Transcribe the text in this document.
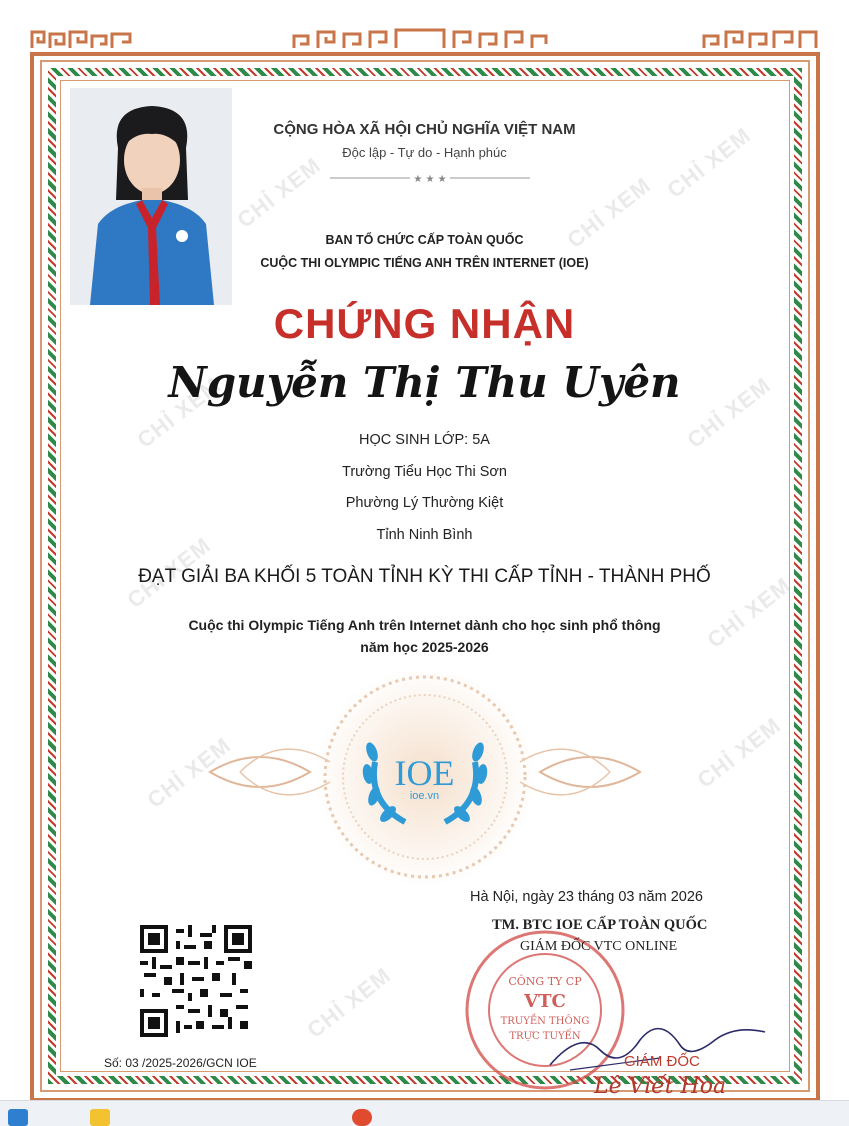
CHỈ XEM	CHỈ XEM
CHỈ XEM
CHỈ XEM	CHỈ XEM
CHỈ XEM	CHỈ XEM
CHỈ XEM	CHỈ XEM
CHỈ XEM
CỘNG HÒA XÃ HỘI CHỦ NGHĨA VIỆT NAM
Độc lập - Tự do - Hạnh phúc
★ ★ ★
BAN TỔ CHỨC CẤP TOÀN QUỐC
CUỘC THI OLYMPIC TIẾNG ANH TRÊN INTERNET (IOE)
CHỨNG NHẬN
Nguyễn Thị Thu Uyên
HỌC SINH LỚP: 5A
Trường Tiểu Học Thi Sơn
Phường Lý Thường Kiệt
Tỉnh Ninh Bình
ĐẠT GIẢI BA KHỐI 5 TOÀN TỈNH KỲ THI CẤP TỈNH - THÀNH PHỐ
Cuộc thi Olympic Tiếng Anh trên Internet dành cho học sinh phổ thông
năm học 2025-2026
IOE
ioe.vn
Số: 03 /2025-2026/GCN IOE
Hà Nội, ngày 23 tháng 03 năm 2026
CÔNG TY CP
VTC
TRUYỀN THÔNG
TRỰC TUYẾN
TM. BTC IOE CẤP TOÀN QUỐC
GIÁM ĐỐC VTC ONLINE
GIÁM ĐỐC
Lê Viết Hòa
